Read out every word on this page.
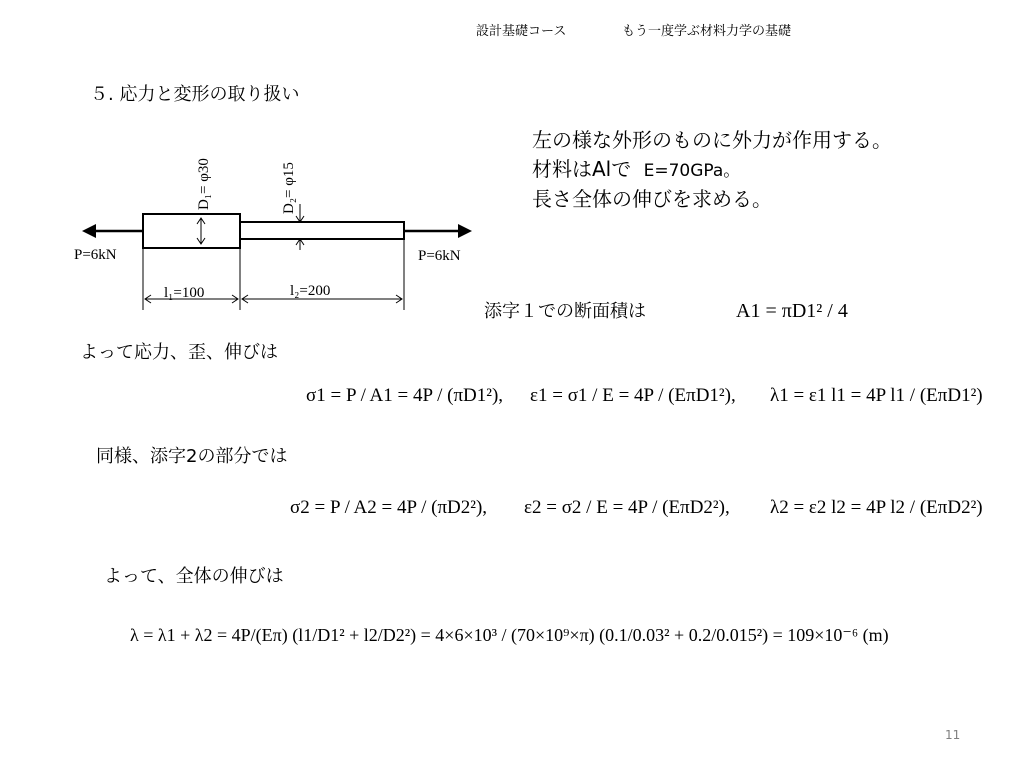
設計基礎コース	もう一度学ぶ材料力学の基礎
５. 応力と変形の取り扱い
D₁= φ30	D₂= φ15
P=6kN	P=6kN
l₁=100	l₂=200
左の様な外形のものに外力が作用する。
材料はAlで E=70GPa。
長さ全体の伸びを求める。
添字１での断面積は	A1 = πD1² / 4
よって応力、歪、伸びは
σ1 = P / A1 = 4P / (πD1²), ε1 = σ1 / E = 4P / (EπD1²), λ1 = ε1 l1 = 4P l1 / (EπD1²)
同様、添字2の部分では
σ2 = P / A2 = 4P / (πD2²), ε2 = σ2 / E = 4P / (EπD2²), λ2 = ε2 l2 = 4P l2 / (EπD2²)
よって、全体の伸びは
λ = λ1 + λ2 = 4P/(Eπ) (l1/D1² + l2/D2²) = 4×6×10³ / (70×10⁹×π) (0.1/0.03² + 0.2/0.015²) = 109×10⁻⁶ (m)
11
